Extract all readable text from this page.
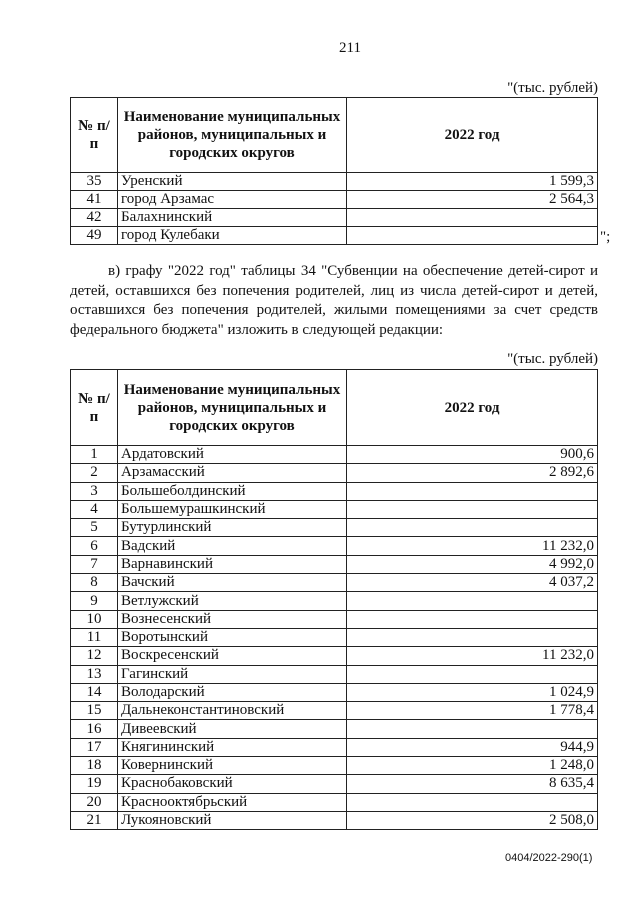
211
"(тыс. рублей)
№ п/п	Наименование муниципальных районов, муниципальных и городских округов	2022 год
35	Уренский	1 599,3
41	город Арзамас	2 564,3
42	Балахнинский	
49	город Кулебаки		";
в) графу "2022 год" таблицы 34 "Субвенции на обеспечение детей-сирот и детей, оставшихся без попечения родителей, лиц из числа детей-сирот и детей, оставшихся без попечения родителей, жилыми помещениями за счет средств федерального бюджета" изложить в следующей редакции:
"(тыс. рублей)
№ п/п	Наименование муниципальных районов, муниципальных и городских округов	2022 год
1	Ардатовский	900,6
2	Арзамасский	2 892,6
3	Большеболдинский	
4	Большемурашкинский	
5	Бутурлинский	
6	Вадский	11 232,0
7	Варнавинский	4 992,0
8	Вачский	4 037,2
9	Ветлужский	
10	Вознесенский	
11	Воротынский	
12	Воскресенский	11 232,0
13	Гагинский	
14	Володарский	1 024,9
15	Дальнеконстантиновский	1 778,4
16	Дивеевский	
17	Княгининский	944,9
18	Ковернинский	1 248,0
19	Краснобаковский	8 635,4
20	Краснооктябрьский	
21	Лукояновский	2 508,0
0404/2022-290(1)
